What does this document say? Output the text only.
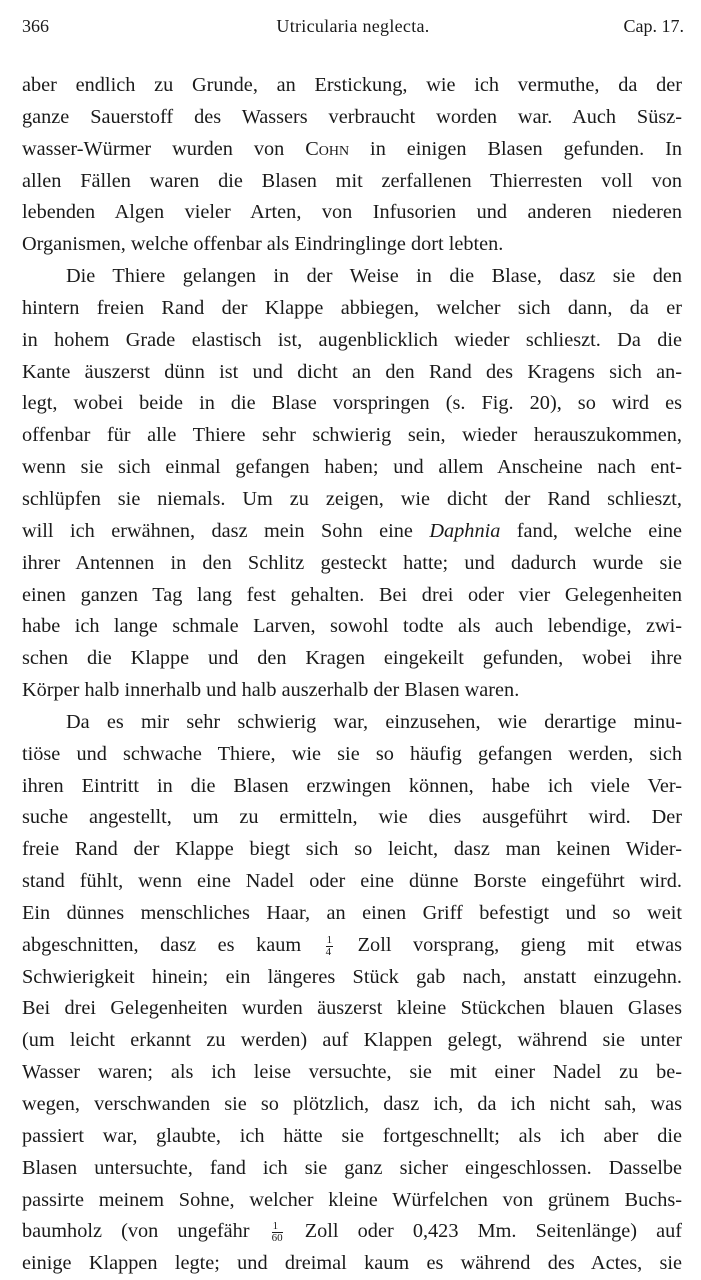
Utricularia neglecta.
366	Cap. 17.
aber endlich zu Grunde, an Erstickung, wie ich vermuthe, da der
ganze Sauerstoff des Wassers verbraucht worden war. Auch Süsz-
wasser-Würmer wurden von Cohn in einigen Blasen gefunden. In
allen Fällen waren die Blasen mit zerfallenen Thierresten voll von
lebenden Algen vieler Arten, von Infusorien und anderen niederen
Organismen, welche offenbar als Eindringlinge dort lebten.
Die Thiere gelangen in der Weise in die Blase, dasz sie den
hintern freien Rand der Klappe abbiegen, welcher sich dann, da er
in hohem Grade elastisch ist, augenblicklich wieder schlieszt. Da die
Kante äuszerst dünn ist und dicht an den Rand des Kragens sich an-
legt, wobei beide in die Blase vorspringen (s. Fig. 20), so wird es
offenbar für alle Thiere sehr schwierig sein, wieder herauszukommen,
wenn sie sich einmal gefangen haben; und allem Anscheine nach ent-
schlüpfen sie niemals. Um zu zeigen, wie dicht der Rand schlieszt,
will ich erwähnen, dasz mein Sohn eine Daphnia fand, welche eine
ihrer Antennen in den Schlitz gesteckt hatte; und dadurch wurde sie
einen ganzen Tag lang fest gehalten. Bei drei oder vier Gelegenheiten
habe ich lange schmale Larven, sowohl todte als auch lebendige, zwi-
schen die Klappe und den Kragen eingekeilt gefunden, wobei ihre
Körper halb innerhalb und halb auszerhalb der Blasen waren.
Da es mir sehr schwierig war, einzusehen, wie derartige minu-
tiöse und schwache Thiere, wie sie so häufig gefangen werden, sich
ihren Eintritt in die Blasen erzwingen können, habe ich viele Ver-
suche angestellt, um zu ermitteln, wie dies ausgeführt wird. Der
freie Rand der Klappe biegt sich so leicht, dasz man keinen Wider-
stand fühlt, wenn eine Nadel oder eine dünne Borste eingeführt wird.
Ein dünnes menschliches Haar, an einen Griff befestigt und so weit
abgeschnitten, dasz es kaum $\frac{1}{4}$ Zoll vorsprang, gieng mit etwas
Schwierigkeit hinein; ein längeres Stück gab nach, anstatt einzugehn.
Bei drei Gelegenheiten wurden äuszerst kleine Stückchen blauen Glases
(um leicht erkannt zu werden) auf Klappen gelegt, während sie unter
Wasser waren; als ich leise versuchte, sie mit einer Nadel zu be-
wegen, verschwanden sie so plötzlich, dasz ich, da ich nicht sah, was
passiert war, glaubte, ich hätte sie fortgeschnellt; als ich aber die
Blasen untersuchte, fand ich sie ganz sicher eingeschlossen. Dasselbe
passirte meinem Sohne, welcher kleine Würfelchen von grünem Buchs-
baumholz (von ungefähr $\frac{1}{60}$ Zoll oder 0,423 Mm. Seitenlänge) auf
einige Klappen legte; und dreimal kaum es während des Actes, sie
